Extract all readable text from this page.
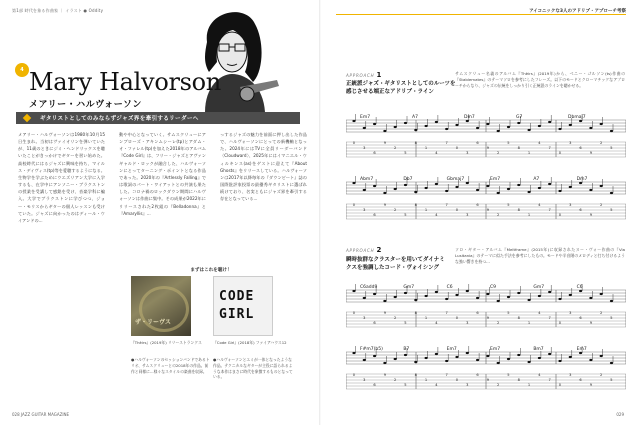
第1部 時代を象る作曲家 ｜ イラスト ● Oddity	アイコニックな3人のアドリブ・アプローチ考察
4 Mary Halvorson
メアリー・ハルヴォーソン
ギタリストとしてのみならずジャズ界を牽引するリーダーへ
メアリー・ハルヴォーソンは1980年10月15日生まれ。当初はヴァイオリンを弾いていたが、11歳のときにジミ・ヘンドリックスを聴いたことがきっかけでギターを習い始めた。高校時代にはるジャズに興味を持ち、マイルス・デイヴィス(tp)等を愛聴するようになる。生物学を学ぶためにウエズリアン大学に入学するも、在学中にアンソニー・ブラクストンの授業を受講して感銘を受け、音楽学科に編入。大学でブラクストンに学びつつ、ジョー・モリスからギターの個人レッスンも受けていた。ジャズに向かったのはディール・ウイアンドの...
動や中心となっていく。サムスクリューにアンブローズ・アキンムシーレ(tp)とアダム・オ・ファレル(tp)を加えた2018年のアルバム『Code Girl』は、フリー・ジャズとアヴァンギャルド・ロックが融合した、ハルヴォーソンにとってターニング・ポイントとなる作品であった。2020年の『Artlessly Falling』では歌詞のパート・ワイアットとの共演も果たした。コロナ禍のロックダウン期間にハルヴォーソンは作曲に集中。その成果が2022年にリリースされた2枚組の『Belladonna』と『Amaryllis』...
っするジャズの魅力を前面に押し出した作品で、ハルヴォーソンにとっての新機軸となった。2024年にはTVに全員リーダーバンド〈Cloudward〉、2025年にはイマニエル・ウィルキンス(as)をゲストに迎えて『About Ghosts』をリリースしている。ハルヴォーソンは2017年以降毎年の『ダウンビート』誌の国際批評家投票の最優秀ギタリストに選ばれ続けており、名実ともにジャズ界を牽引する存在となっている...
まずはこれを聴け！
ザ・リーヴス
CODE
GIRL
『Thèirs』(2019年) リリーストランクス	『Code Girl』(2018年) ファイアハウス12
●ハルヴォーソンのセッションバンドであるトリオ、サムスクリューとの2018年の作品。前作と同様に...様々なスタイルの楽曲を収録。
●ハルヴォーソンとエミが一体となったような作品。テクニカルなギターが主役に語られるような本作はまさに時代を象徴するものとなっている。
APPROACH 1
正統派ジャズ・ギタリストとしてのルーツを感じさせる端正なアドリブ・ライン
サムスクリュー名義のアルバム『Thèirs』(2019年)から、ベニー・ゴルソン(ts)作曲の『Stablemates』のテーマソロを参考にしたフレーズ。以下のモードとクローマチックなアプローチからなり、ジャズの伝統をしっかり引く正統派のラインを聴かせる。
Em7	A7	Dm7	G7	Dbmaj7
0
3
6
9
2
5
8
1
4
7
0
3
6
9
2
5
8
1
4
7
0
3
6
9
2
5
Abm7	Db7	Gbmaj7	Em7	A7	Dm7
0
3
6
9
2
5
8
1
4
7
0
3
6
9
2
5
8
1
4
7
0
3
6
9
2
5
APPROACH 2
瞬時抜群なクラスターを用いてダイナミクスを強調したコード・ヴォイシング
ソロ・ギター・アルバム『Meltframe』(2015年)に収録されたヌー・ヴォー作曲の『Via Lusitania』のテーマに似た手法を参考にしたもの。モードや半音階のメロディと打ち付けるような強い響きを持つ...
C6add9	Gm7	C6	C9	Gm7	C6
0
3
6
9
2
5
8
1
4
7
0
3
6
9
2
5
8
1
4
7
0
3
6
9
2
5
F#m7(b5)	B7	Em7	Em7	Bm7	Em7
0
3
6
9
2
5
8
1
4
7
0
3
6
9
2
5
8
1
4
7
0
3
6
9
2
5
028 JAZZ GUITAR MAGAZINE	029
